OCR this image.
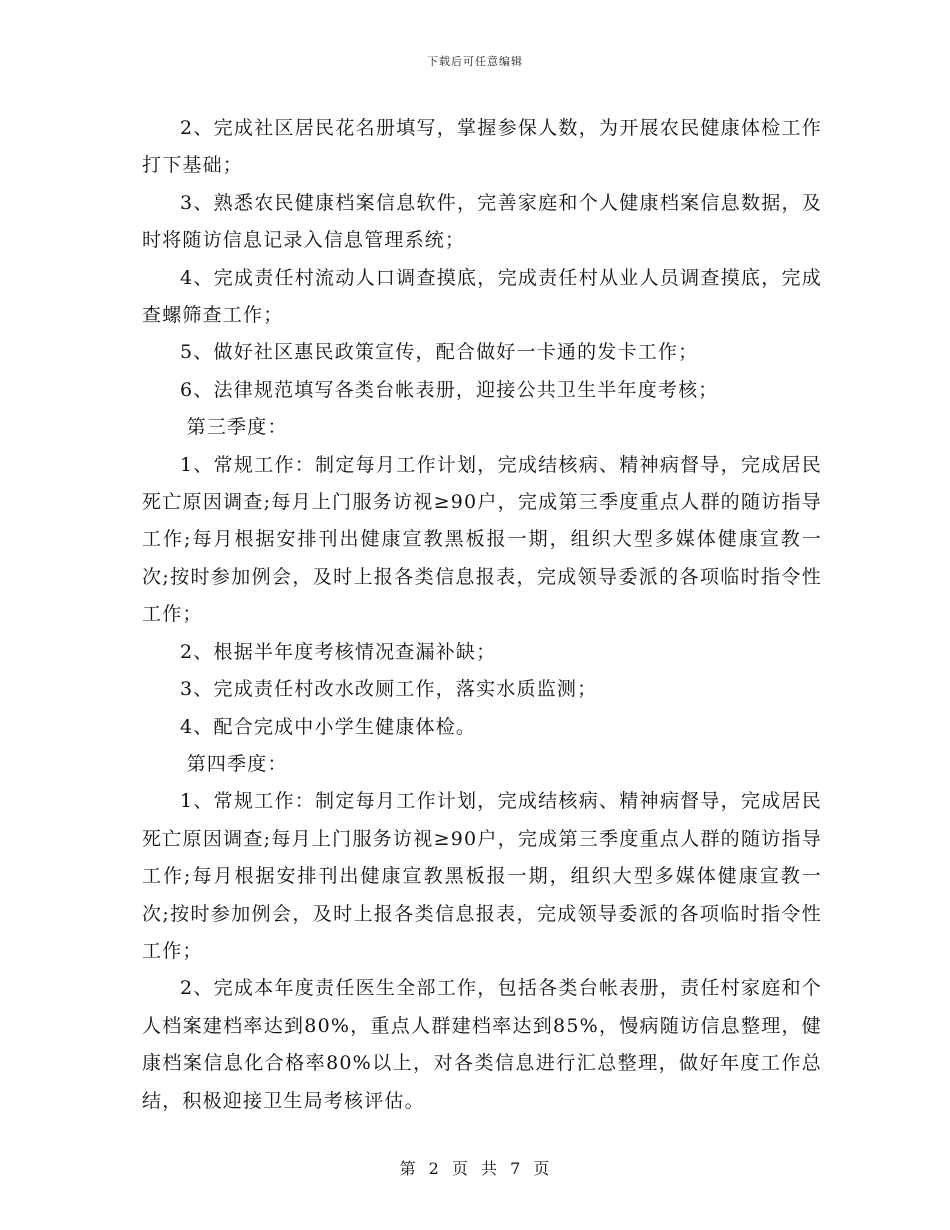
下载后可任意编辑

2、完成社区居民花名册填写，掌握参保人数，为开展农民健康体检工作打下基础；

3、熟悉农民健康档案信息软件，完善家庭和个人健康档案信息数据，及时将随访信息记录入信息管理系统；

4、完成责任村流动人口调查摸底，完成责任村从业人员调查摸底，完成查螺筛查工作；

5、做好社区惠民政策宣传，配合做好一卡通的发卡工作；

6、法律规范填写各类台帐表册，迎接公共卫生半年度考核；

第三季度：

1、常规工作：制定每月工作计划，完成结核病、精神病督导，完成居民死亡原因调查;每月上门服务访视≥90户，完成第三季度重点人群的随访指导工作;每月根据安排刊出健康宣教黑板报一期，组织大型多媒体健康宣教一次;按时参加例会，及时上报各类信息报表，完成领导委派的各项临时指令性工作；

2、根据半年度考核情况查漏补缺；

3、完成责任村改水改厕工作，落实水质监测；

4、配合完成中小学生健康体检。

第四季度：

1、常规工作：制定每月工作计划，完成结核病、精神病督导，完成居民死亡原因调查;每月上门服务访视≥90户，完成第三季度重点人群的随访指导工作;每月根据安排刊出健康宣教黑板报一期，组织大型多媒体健康宣教一次;按时参加例会，及时上报各类信息报表，完成领导委派的各项临时指令性工作；

2、完成本年度责任医生全部工作，包括各类台帐表册，责任村家庭和个人档案建档率达到80%，重点人群建档率达到85%，慢病随访信息整理，健康档案信息化合格率80%以上，对各类信息进行汇总整理，做好年度工作总结，积极迎接卫生局考核评估。

第 2 页 共 7 页
